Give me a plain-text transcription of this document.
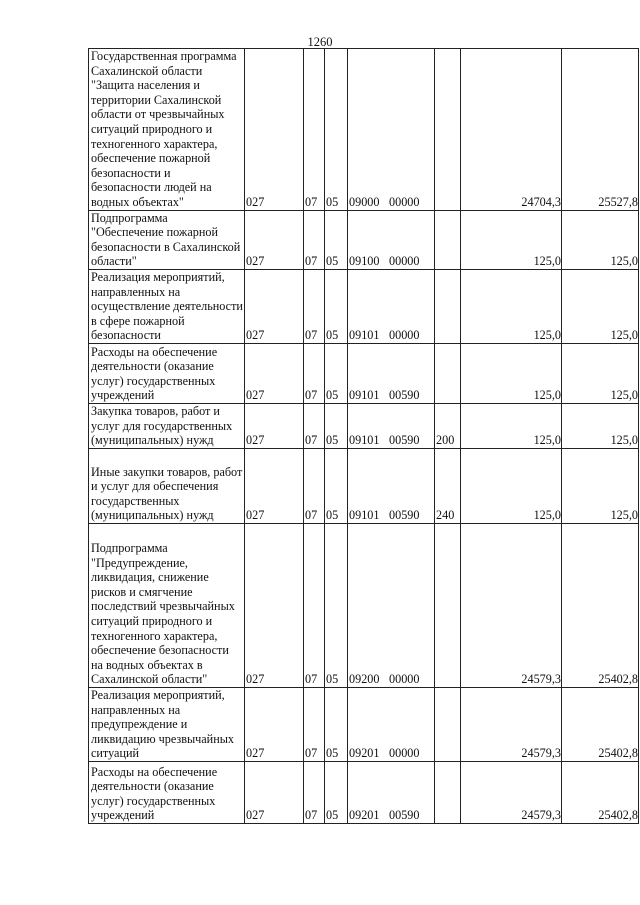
1260
Государственная программа Сахалинской области "Защита населения и территории Сахалинской области от чрезвычайных ситуаций природного и техногенного характера, обеспечение пожарной безопасности и безопасности людей на водных объектах"	027	07	05	09000 00000		24704,3	25527,8
Подпрограмма "Обеспечение пожарной безопасности в Сахалинской области"	027	07	05	09100 00000		125,0	125,0
Реализация мероприятий, направленных на осуществление деятельности в сфере пожарной безопасности	027	07	05	09101 00000		125,0	125,0
Расходы на обеспечение деятельности (оказание услуг) государственных учреждений	027	07	05	09101 00590		125,0	125,0
Закупка товаров, работ и услуг для государственных (муниципальных) нужд	027	07	05	09101 00590	200	125,0	125,0
Иные закупки товаров, работ и услуг для обеспечения государственных (муниципальных) нужд	027	07	05	09101 00590	240	125,0	125,0
Подпрограмма "Предупреждение, ликвидация, снижение рисков и смягчение последствий чрезвычайных ситуаций природного и техногенного характера, обеспечение безопасности на водных объектах в Сахалинской области"	027	07	05	09200 00000		24579,3	25402,8
Реализация мероприятий, направленных на предупреждение и ликвидацию чрезвычайных ситуаций	027	07	05	09201 00000		24579,3	25402,8
Расходы на обеспечение деятельности (оказание услуг) государственных учреждений	027	07	05	09201 00590		24579,3	25402,8
